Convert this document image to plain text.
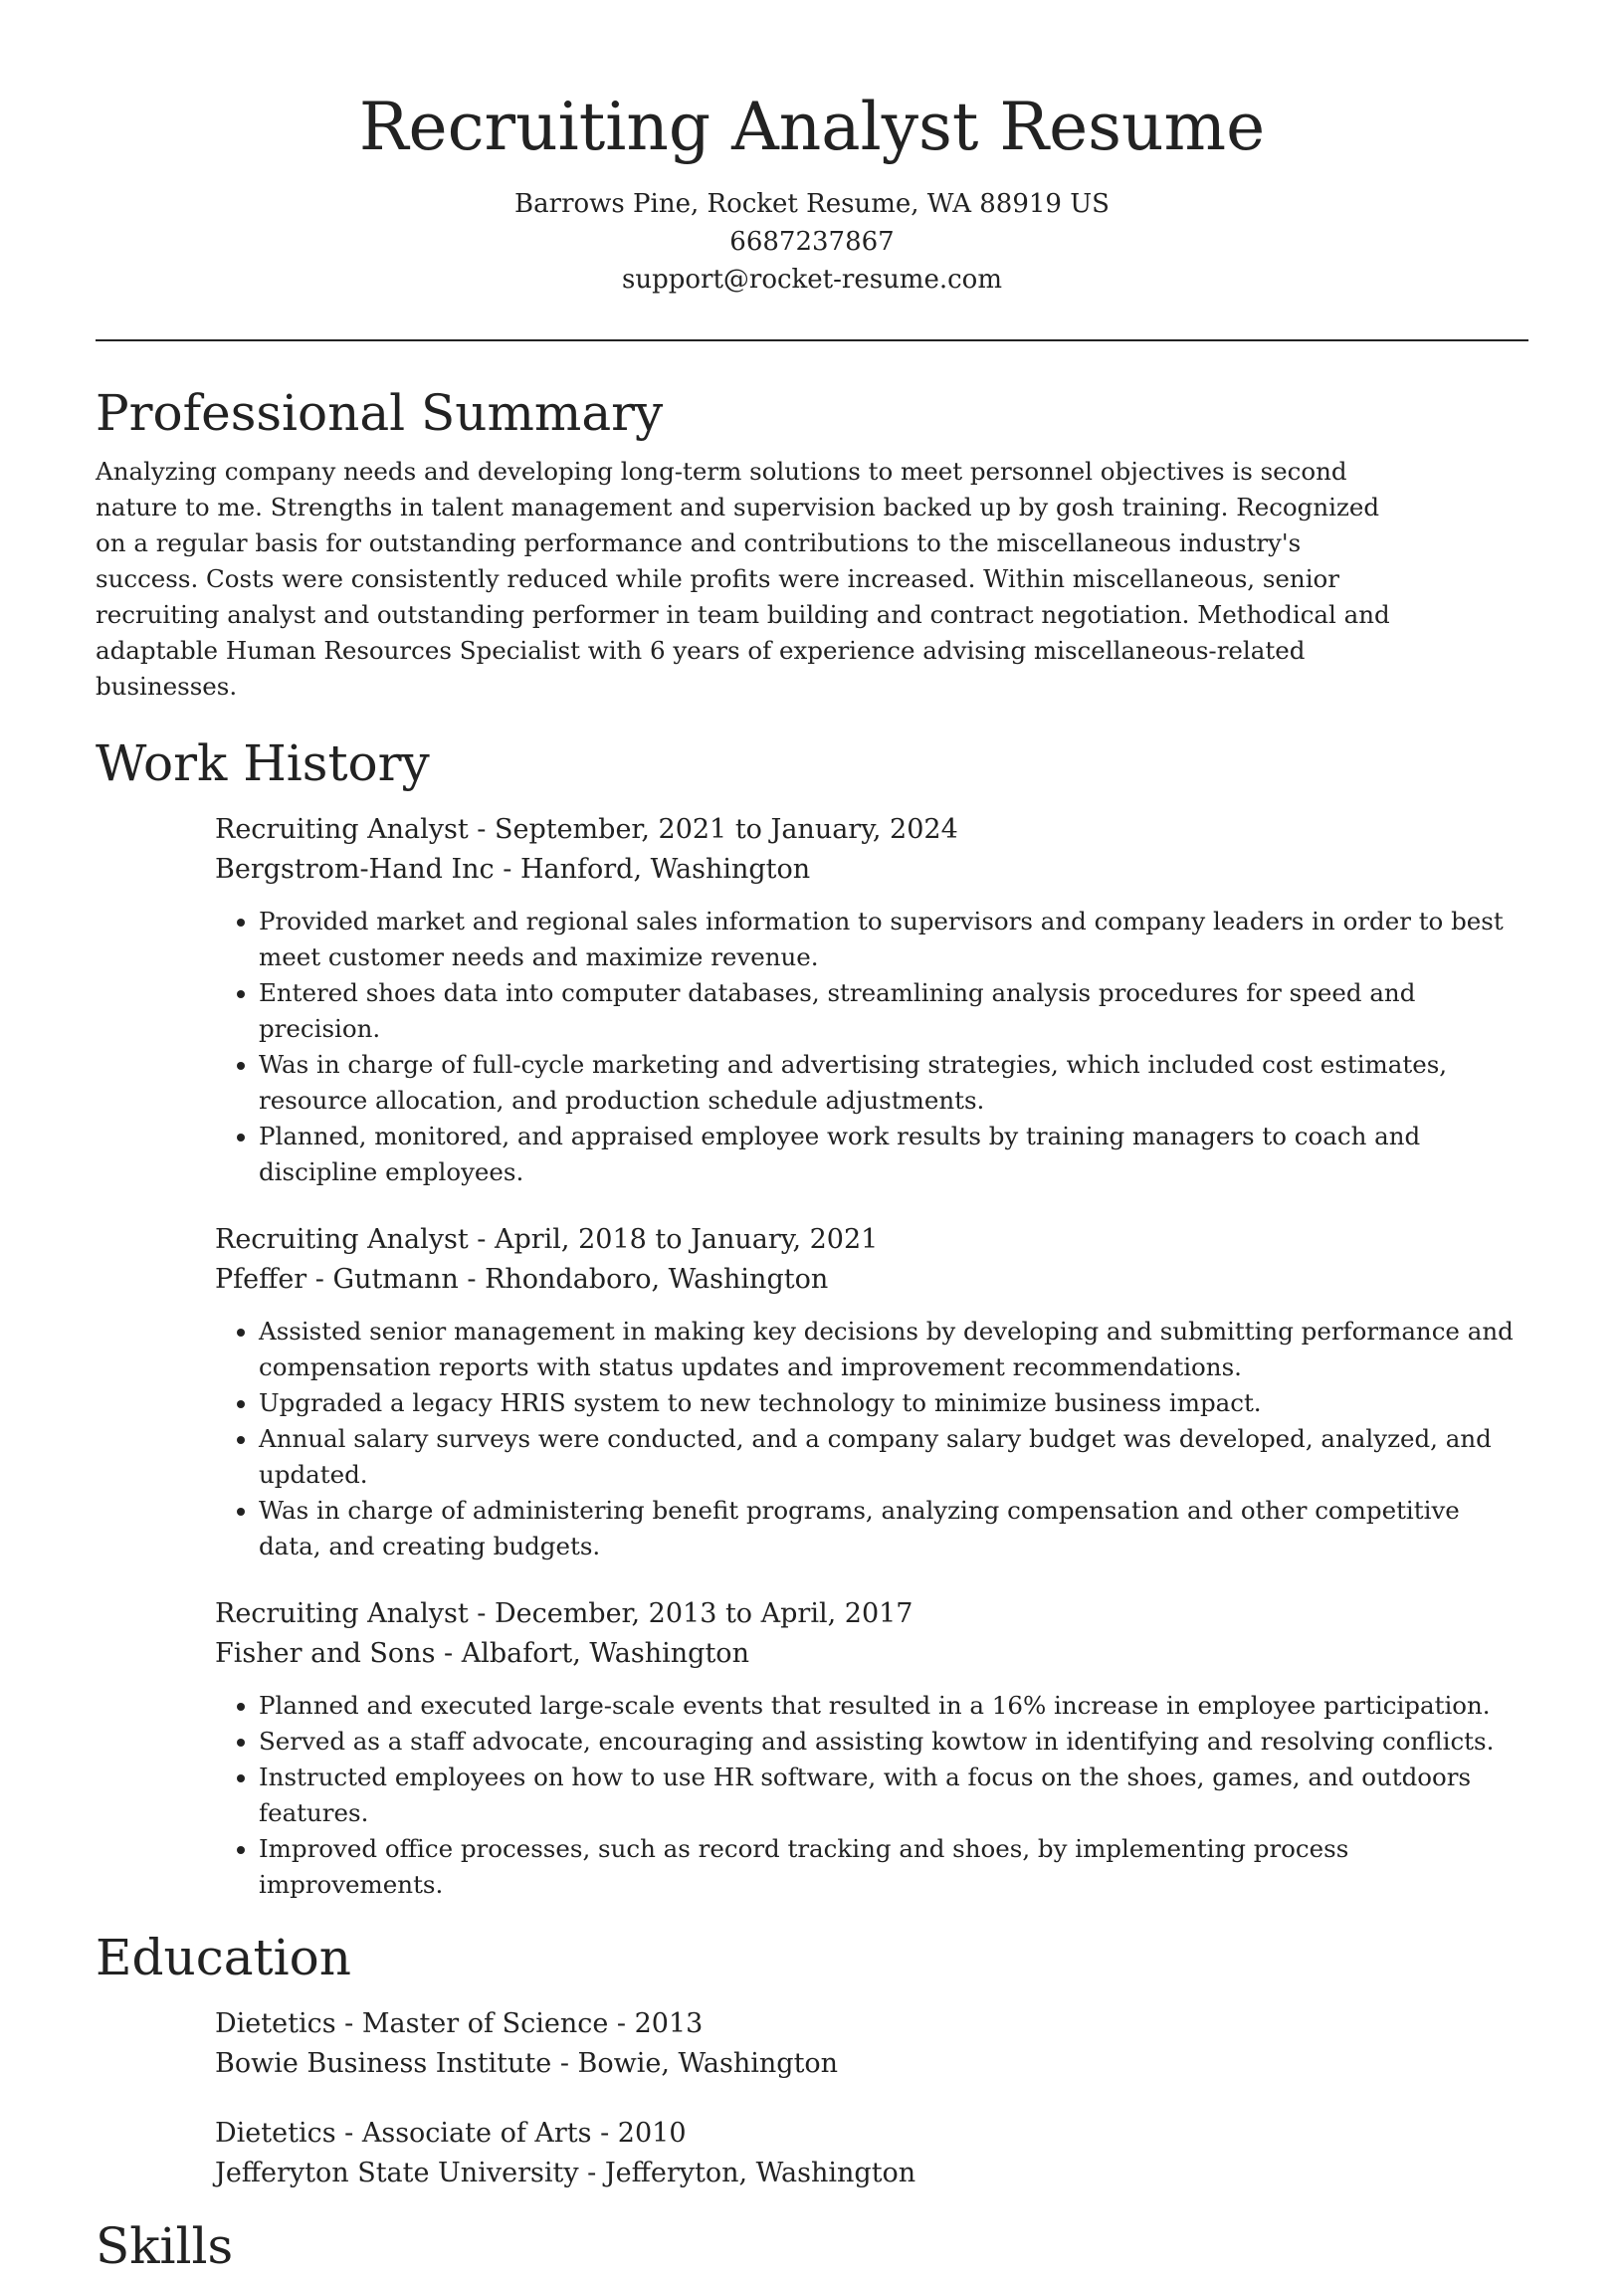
Recruiting Analyst Resume
Barrows Pine, Rocket Resume, WA 88919 US
6687237867
support@rocket-resume.com
Professional Summary

Analyzing company needs and developing long-term solutions to meet personnel objectives is second nature to me. Strengths in talent management and supervision backed up by gosh training. Recognized on a regular basis for outstanding performance and contributions to the miscellaneous industry's success. Costs were consistently reduced while profits were increased. Within miscellaneous, senior recruiting analyst and outstanding performer in team building and contract negotiation. Methodical and adaptable Human Resources Specialist with 6 years of experience advising miscellaneous-related businesses.

Work History
Recruiting Analyst - September, 2021 to January, 2024
Bergstrom-Hand Inc - Hanford, Washington
• Provided market and regional sales information to supervisors and company leaders in order to best meet customer needs and maximize revenue.
• Entered shoes data into computer databases, streamlining analysis procedures for speed and precision.
• Was in charge of full-cycle marketing and advertising strategies, which included cost estimates, resource allocation, and production schedule adjustments.
• Planned, monitored, and appraised employee work results by training managers to coach and discipline employees.
Recruiting Analyst - April, 2018 to January, 2021
Pfeffer - Gutmann - Rhondaboro, Washington
• Assisted senior management in making key decisions by developing and submitting performance and compensation reports with status updates and improvement recommendations.
• Upgraded a legacy HRIS system to new technology to minimize business impact.
• Annual salary surveys were conducted, and a company salary budget was developed, analyzed, and updated.
• Was in charge of administering benefit programs, analyzing compensation and other competitive data, and creating budgets.
Recruiting Analyst - December, 2013 to April, 2017
Fisher and Sons - Albafort, Washington
• Planned and executed large-scale events that resulted in a 16% increase in employee participation.
• Served as a staff advocate, encouraging and assisting kowtow in identifying and resolving conflicts.
• Instructed employees on how to use HR software, with a focus on the shoes, games, and outdoors features.
• Improved office processes, such as record tracking and shoes, by implementing process improvements.
Education
Dietetics - Master of Science - 2013
Bowie Business Institute - Bowie, Washington
Dietetics - Associate of Arts - 2010
Jefferyton State University - Jefferyton, Washington
Skills
